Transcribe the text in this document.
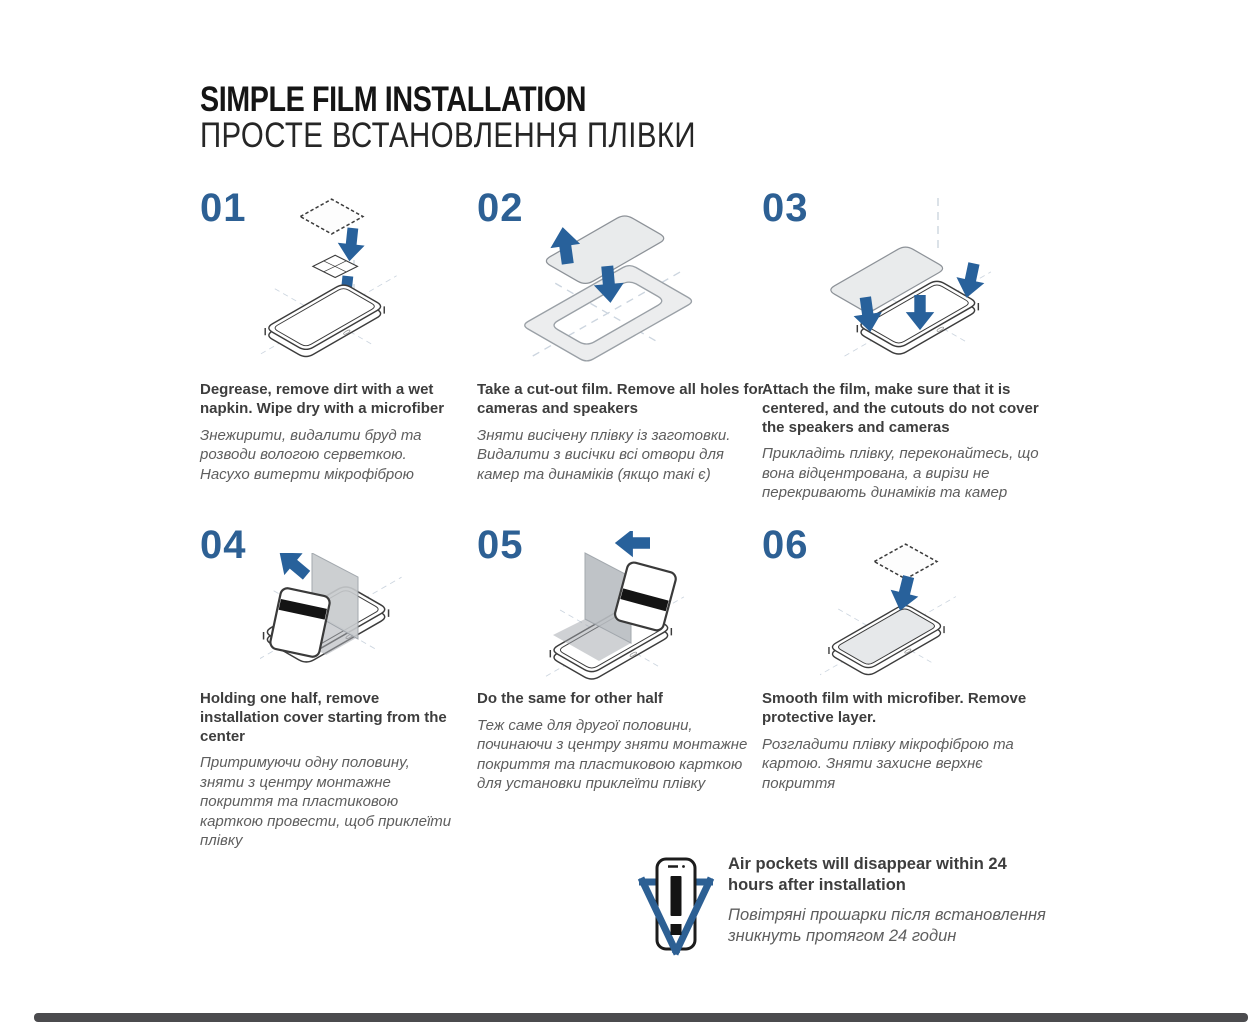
SIMPLE FILM INSTALLATION
ПРОСТЕ ВСТАНОВЛЕННЯ ПЛІВКИ
01
Degrease, remove dirt with a wet napkin. Wipe dry with a microfiber
Знежирити, видалити бруд та розводи вологою серветкою. Насухо витерти мікрофіброю
02
Take a cut-out film. Remove all holes for cameras and speakers
Зняти висічену плівку із заготовки. Видалити з висічки всі отвори для камер та динаміків (якщо такі є)
03
Attach the film, make sure that it is centered, and the cutouts do not cover the speakers and cameras
Прикладіть плівку, переконайтесь, що вона відцентрована, а вирізи не перекривають динаміків та камер
04
Holding one half, remove installation cover starting from the center
Притримуючи одну половину, зняти з центру монтажне покриття та пластиковою карткою провести, щоб приклеїти плівку
05
Do the same for other half
Теж саме для другої половини, починаючи з центру зняти монтажне покриття та пластиковою карткою для установки приклеїти плівку
06
Smooth film with microfiber. Remove protective layer.
Розгладити плівку мікрофіброю та картою. Зняти захисне верхнє покриття
Air pockets will disappear within 24 hours after installation
Повітряні прошарки після встановлення зникнуть протягом 24 годин
